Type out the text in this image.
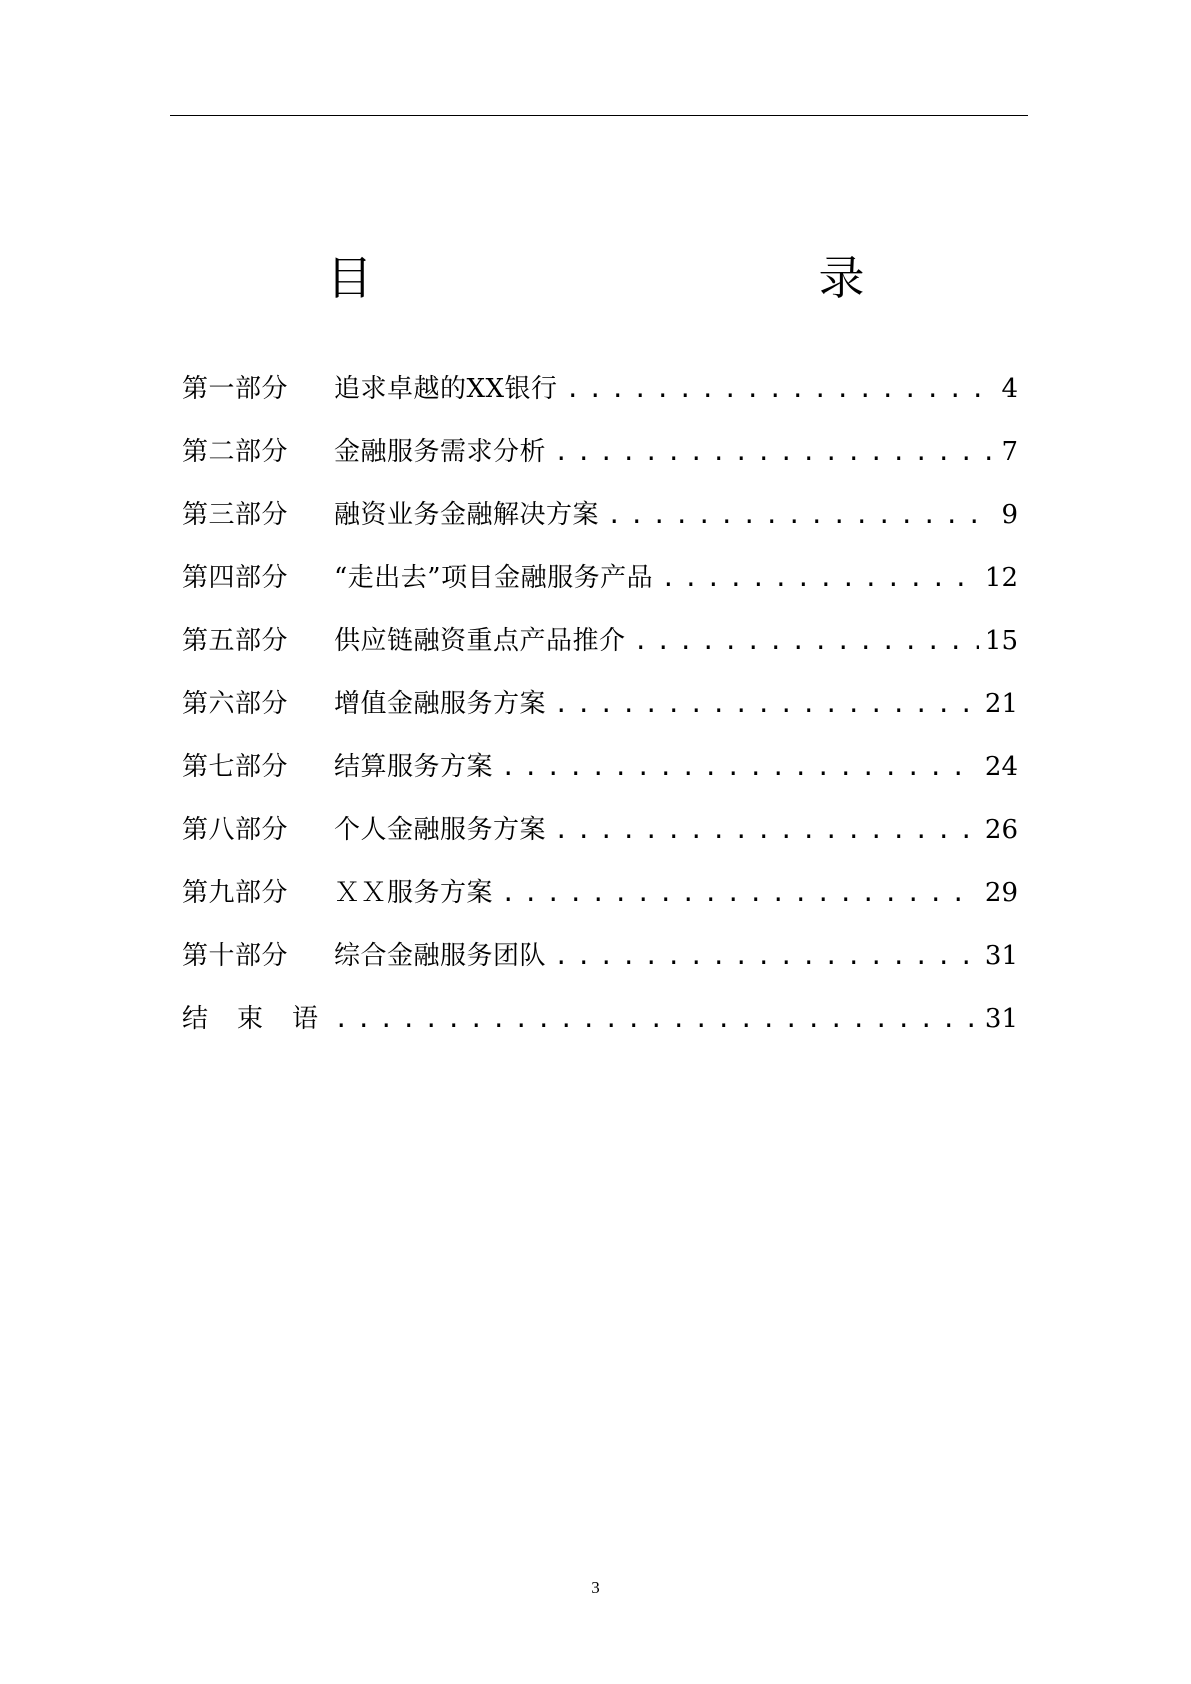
目　　录
第一部分	追求卓越的XX银行 . . .	4
第二部分	金融服务需求分析 . . .	7
第三部分	融资业务金融解决方案 . . .	9
第四部分	“走出去”项目金融服务产品 . . .	12
第五部分	供应链融资重点产品推介 . . .	15
第六部分	增值金融服务方案 . . .	21
第七部分	结算服务方案 . . .	24
第八部分	个人金融服务方案 . . .	26
第九部分	ＸＸ服务方案 . . .	29
第十部分	综合金融服务团队 . . .	31
结束语 . . .	31
3
